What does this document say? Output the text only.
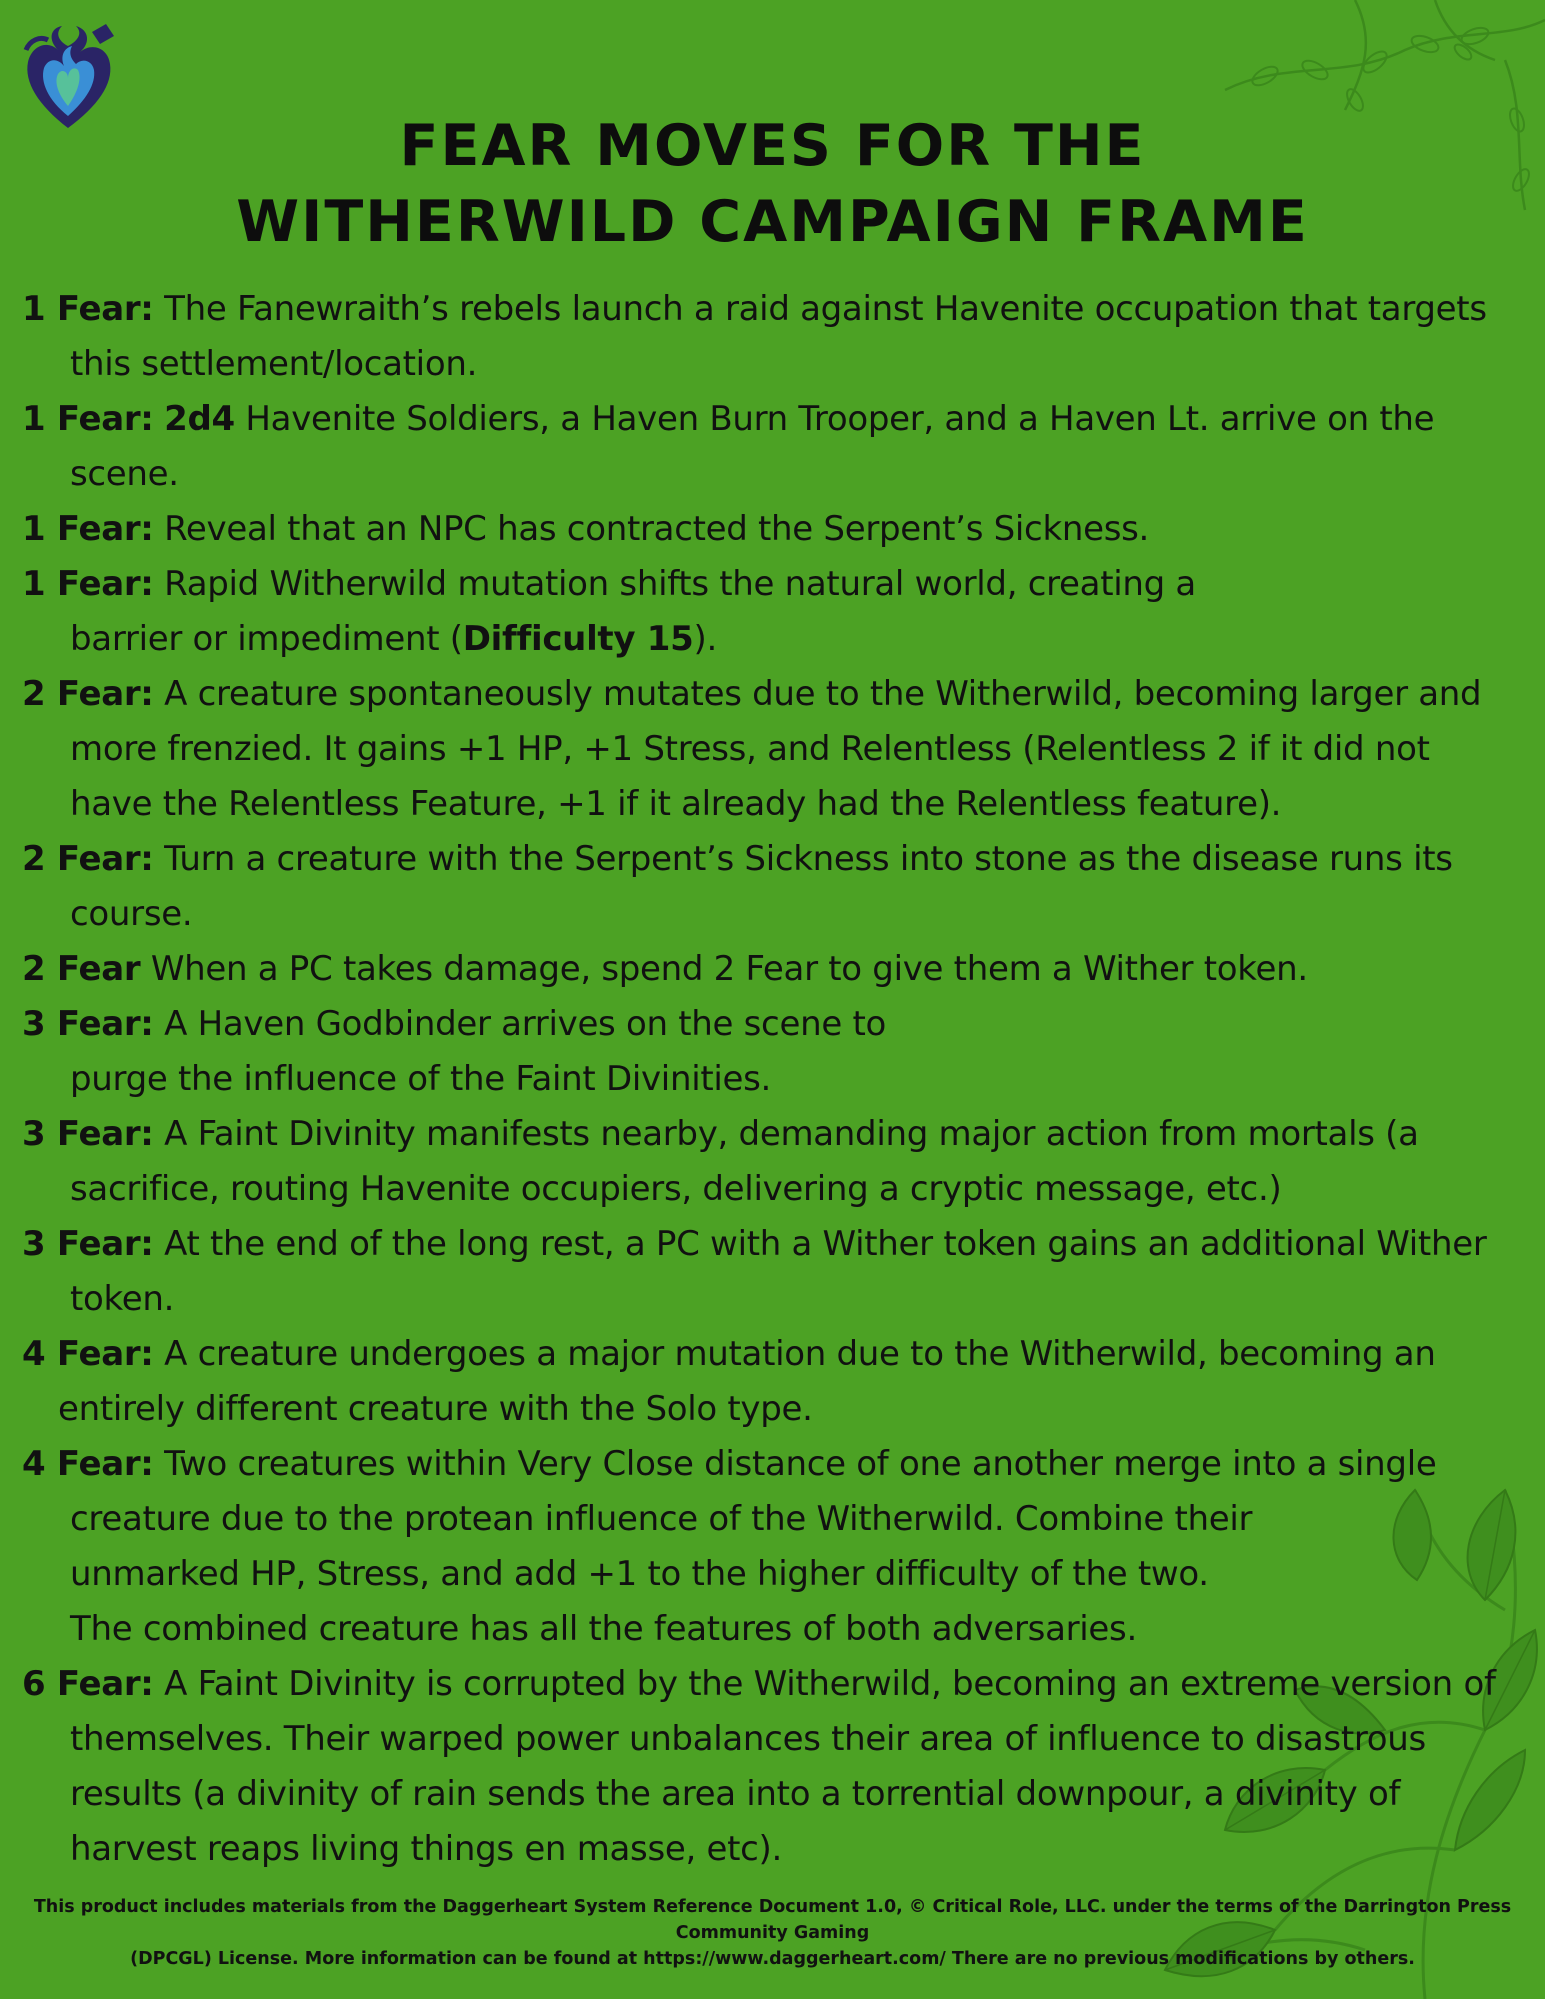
FEAR MOVES FOR THE
WITHERWILD CAMPAIGN FRAME
1 Fear: The Fanewraith’s rebels launch a raid against Havenite occupation that targets this settlement/location.
1 Fear: 2d4 Havenite Soldiers, a Haven Burn Trooper, and a Haven Lt. arrive on the scene.
1 Fear: Reveal that an NPC has contracted the Serpent’s Sickness.
1 Fear: Rapid Witherwild mutation shifts the natural world, creating a
barrier or impediment (Difficulty 15).
2 Fear: A creature spontaneously mutates due to the Witherwild, becoming larger and more frenzied. It gains +1 HP, +1 Stress, and Relentless (Relentless 2 if it did not have the Relentless Feature, +1 if it already had the Relentless feature).
2 Fear: Turn a creature with the Serpent’s Sickness into stone as the disease runs its course.
2 Fear When a PC takes damage, spend 2 Fear to give them a Wither token.
3 Fear: A Haven Godbinder arrives on the scene to
purge the influence of the Faint Divinities.
3 Fear: A Faint Divinity manifests nearby, demanding major action from mortals (a sacrifice, routing Havenite occupiers, delivering a cryptic message, etc.)
3 Fear: At the end of the long rest, a PC with a Wither token gains an additional Wither token.
4 Fear: A creature undergoes a major mutation due to the Witherwild, becoming an entirely different creature with the Solo type.
4 Fear: Two creatures within Very Close distance of one another merge into a single
creature due to the protean influence of the Witherwild. Combine their
unmarked HP, Stress, and add +1 to the higher difficulty of the two.
The combined creature has all the features of both adversaries.
6 Fear: A Faint Divinity is corrupted by the Witherwild, becoming an extreme version of themselves. Their warped power unbalances their area of influence to disastrous results (a divinity of rain sends the area into a torrential downpour, a divinity of harvest reaps living things en masse, etc).
This product includes materials from the Daggerheart System Reference Document 1.0, © Critical Role, LLC. under the terms of the Darrington Press Community Gaming
(DPCGL) License. More information can be found at https://www.daggerheart.com/ There are no previous modifications by others.
